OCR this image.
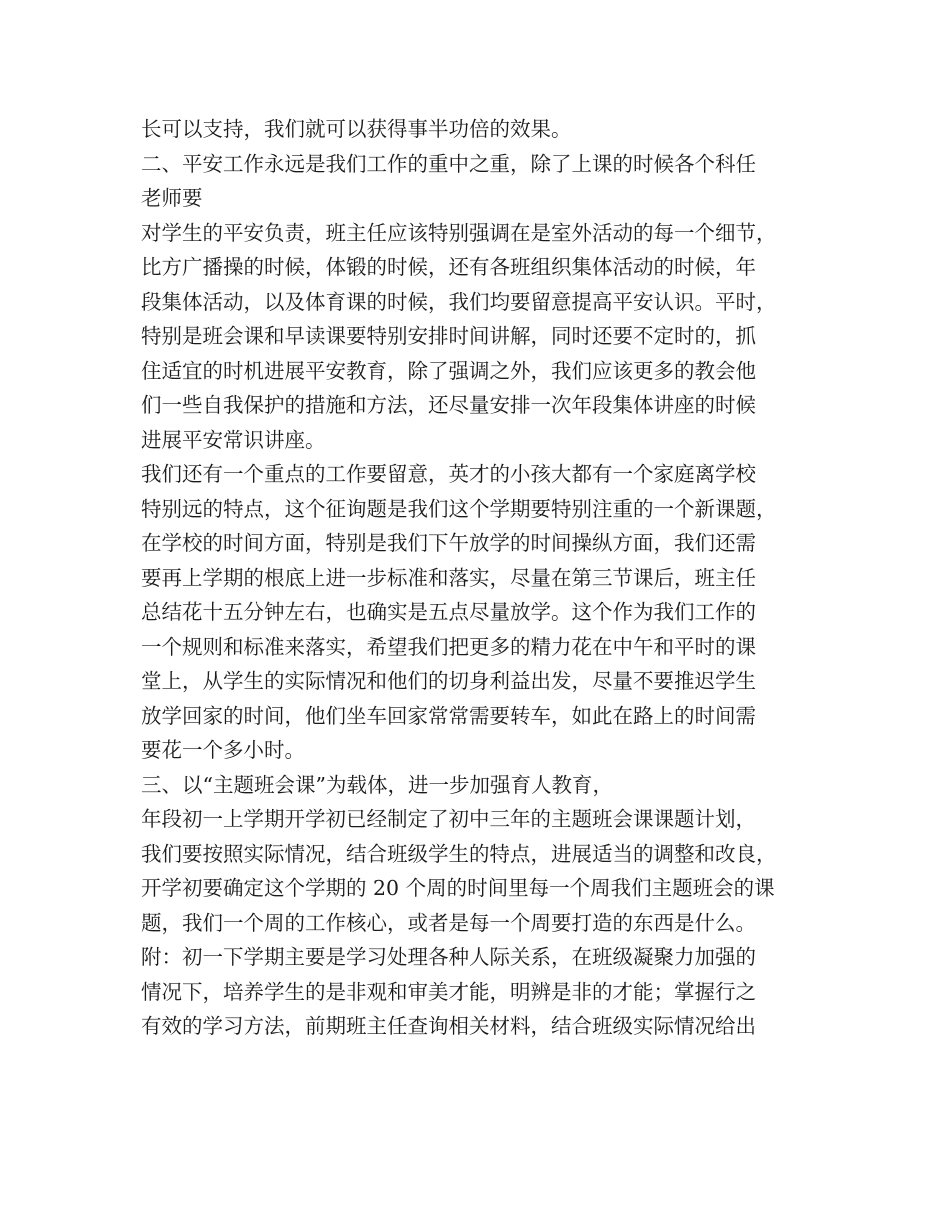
长可以支持，我们就可以获得事半功倍的效果。
二、平安工作永远是我们工作的重中之重，除了上课的时候各个科任
老师要
对学生的平安负责，班主任应该特别强调在是室外活动的每一个细节，
比方广播操的时候，体锻的时候，还有各班组织集体活动的时候，年
段集体活动，以及体育课的时候，我们均要留意提高平安认识。平时，
特别是班会课和早读课要特别安排时间讲解，同时还要不定时的，抓
住适宜的时机进展平安教育，除了强调之外，我们应该更多的教会他
们一些自我保护的措施和方法，还尽量安排一次年段集体讲座的时候
进展平安常识讲座。
我们还有一个重点的工作要留意，英才的小孩大都有一个家庭离学校
特别远的特点，这个征询题是我们这个学期要特别注重的一个新课题，
在学校的时间方面，特别是我们下午放学的时间操纵方面，我们还需
要再上学期的根底上进一步标准和落实，尽量在第三节课后，班主任
总结花十五分钟左右，也确实是五点尽量放学。这个作为我们工作的
一个规则和标准来落实，希望我们把更多的精力花在中午和平时的课
堂上，从学生的实际情况和他们的切身利益出发，尽量不要推迟学生
放学回家的时间，他们坐车回家常常需要转车，如此在路上的时间需
要花一个多小时。
三、以“主题班会课”为载体，进一步加强育人教育，
年段初一上学期开学初已经制定了初中三年的主题班会课课题计划，
我们要按照实际情况，结合班级学生的特点，进展适当的调整和改良，
开学初要确定这个学期的 20 个周的时间里每一个周我们主题班会的课
题，我们一个周的工作核心，或者是每一个周要打造的东西是什么。
附：初一下学期主要是学习处理各种人际关系，在班级凝聚力加强的
情况下，培养学生的是非观和审美才能，明辨是非的才能；掌握行之
有效的学习方法，前期班主任查询相关材料，结合班级实际情况给出
